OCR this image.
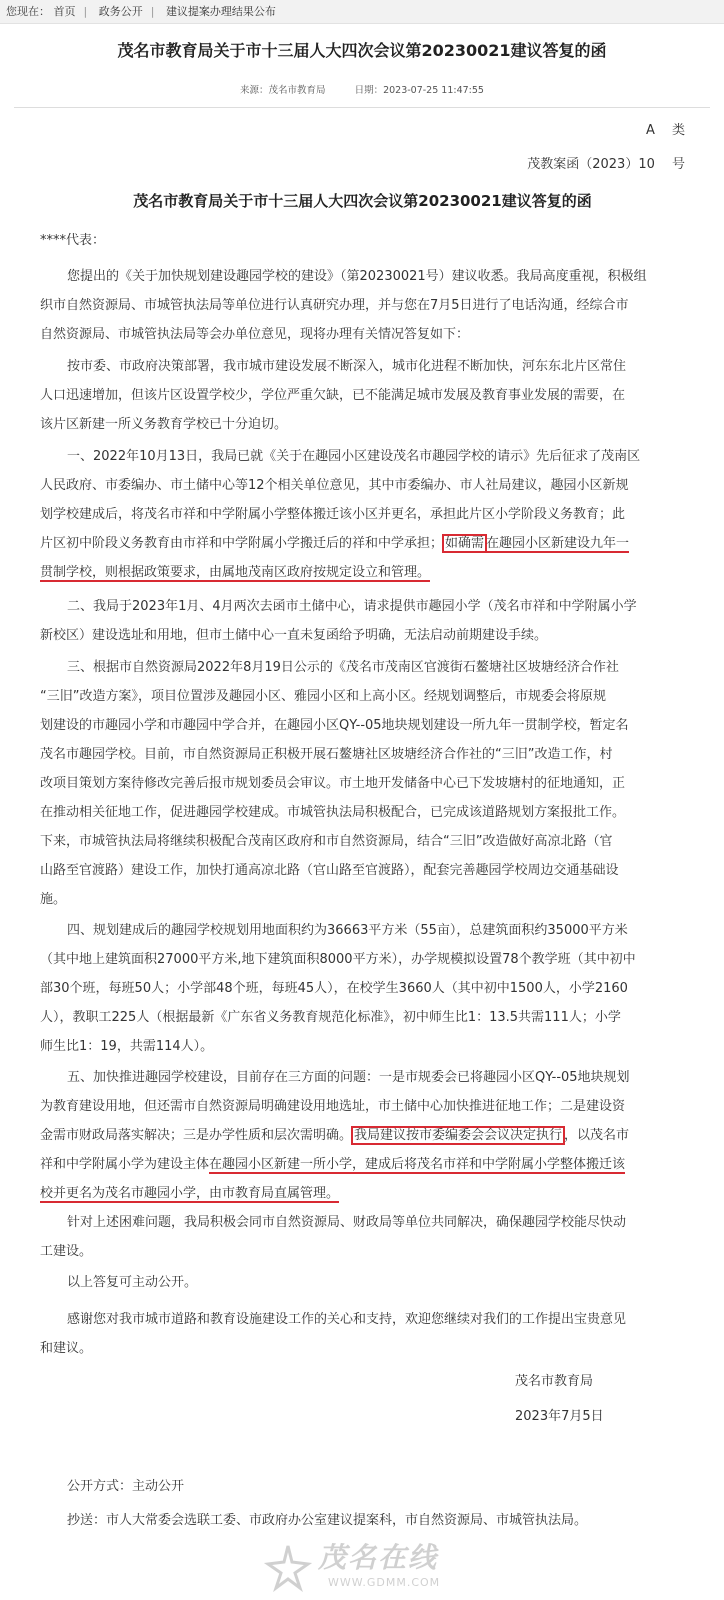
您现在： 首页 | 政务公开 | 建议提案办理结果公布
茂名市教育局关于市十三届人大四次会议第20230021建议答复的函
来源：茂名市教育局	日期：2023-07-25 11:47:55
A　 类
茂教案函（2023）10　 号
茂名市教育局关于市十三届人大四次会议第20230021建议答复的函
****代表：
您提出的《关于加快规划建设趣园学校的建设》（第20230021号）建议收悉。我局高度重视，积极组
织市自然资源局、市城管执法局等单位进行认真研究办理，并与您在7月5日进行了电话沟通，经综合市
自然资源局、市城管执法局等会办单位意见，现将办理有关情况答复如下：
按市委、市政府决策部署，我市城市建设发展不断深入，城市化进程不断加快，河东东北片区常住
人口迅速增加，但该片区设置学校少，学位严重欠缺，已不能满足城市发展及教育事业发展的需要，在
该片区新建一所义务教育学校已十分迫切。
一、2022年10月13日，我局已就《关于在趣园小区建设茂名市趣园学校的请示》先后征求了茂南区
人民政府、市委编办、市土储中心等12个相关单位意见，其中市委编办、市人社局建议，趣园小区新规
划学校建成后，将茂名市祥和中学附属小学整体搬迁该小区并更名，承担此片区小学阶段义务教育；此
片区初中阶段义务教育由市祥和中学附属小学搬迁后的祥和中学承担； 如确需 在趣园小区新建设九年一
贯制学校，则根据政策要求，由属地茂南区政府按规定设立和管理。
二、我局于2023年1月、4月两次去函市土储中心，请求提供市趣园小学（茂名市祥和中学附属小学
新校区）建设选址和用地，但市土储中心一直未复函给予明确，无法启动前期建设手续。
三、根据市自然资源局2022年8月19日公示的《茂名市茂南区官渡街石鳌塘社区坡塘经济合作社
“三旧”改造方案》，项目位置涉及趣园小区、雅园小区和上高小区。经规划调整后，市规委会将原规
划建设的市趣园小学和市趣园中学合并，在趣园小区QY--05地块规划建设一所九年一贯制学校，暂定名
茂名市趣园学校。目前，市自然资源局正积极开展石鳌塘社区坡塘经济合作社的“三旧”改造工作，村
改项目策划方案待修改完善后报市规划委员会审议。市土地开发储备中心已下发坡塘村的征地通知，正
在推动相关征地工作，促进趣园学校建成。市城管执法局积极配合，已完成该道路规划方案报批工作。
下来，市城管执法局将继续积极配合茂南区政府和市自然资源局，结合“三旧”改造做好高凉北路（官
山路至官渡路）建设工作，加快打通高凉北路（官山路至官渡路），配套完善趣园学校周边交通基础设
施。
四、规划建成后的趣园学校规划用地面积约为36663平方米（55亩），总建筑面积约35000平方米
（其中地上建筑面积27000平方米,地下建筑面积8000平方米），办学规模拟设置78个教学班（其中初中
部30个班，每班50人；小学部48个班，每班45人），在校学生3660人（其中初中1500人，小学2160
人），教职工225人（根据最新《广东省义务教育规范化标准》，初中师生比1：13.5共需111人；小学
师生比1：19，共需114人）。
五、加快推进趣园学校建设，目前存在三方面的问题：一是市规委会已将趣园小区QY--05地块规划
为教育建设用地，但还需市自然资源局明确建设用地选址，市土储中心加快推进征地工作；二是建设资
金需市财政局落实解决；三是办学性质和层次需明确。 我局建议按市委编委会会议决定执行 ，以茂名市
祥和中学附属小学为建设主体在趣园小区新建一所小学，建成后将茂名市祥和中学附属小学整体搬迁该
校并更名为茂名市趣园小学，由市教育局直属管理。
针对上述困难问题，我局积极会同市自然资源局、财政局等单位共同解决，确保趣园学校能尽快动
工建设。
以上答复可主动公开。
感谢您对我市城市道路和教育设施建设工作的关心和支持，欢迎您继续对我们的工作提出宝贵意见
和建议。
茂名市教育局
2023年7月5日
公开方式：主动公开
抄送：市人大常委会选联工委、市政府办公室建议提案科，市自然资源局、市城管执法局。
茂名在线
WWW.GDMM.COM
